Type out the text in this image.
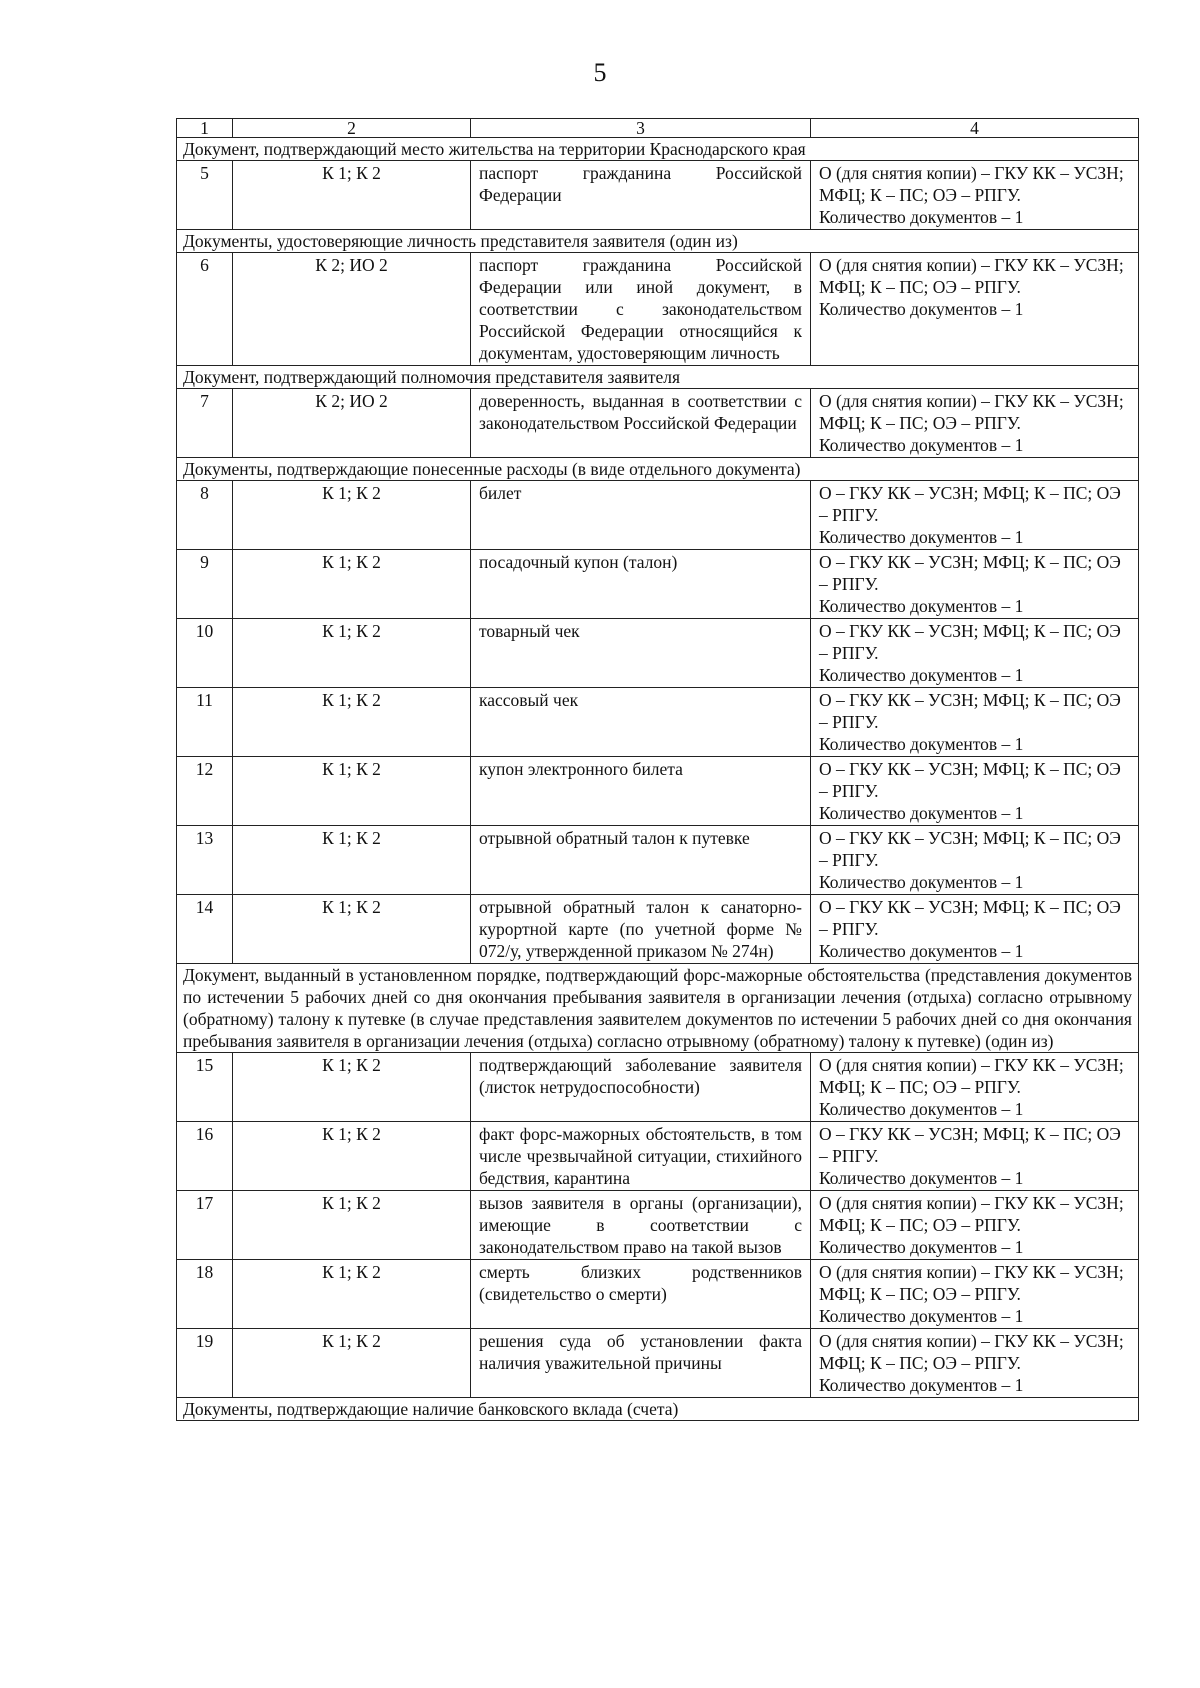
5
1	2	3	4
Документ, подтверждающий место жительства на территории Краснодарского края			
5	К 1; К 2	паспорт гражданина Российской Федерации	О (для снятия копии) – ГКУ КК – УСЗН; МФЦ; К – ПС; ОЭ – РПГУ.
Количество документов – 1
Документы, удостоверяющие личность представителя заявителя (один из)			
6	К 2; ИО 2	паспорт гражданина Российской Федерации или иной документ, в соответствии с законодательством Российской Федерации относящийся к документам, удостоверяющим личность	О (для снятия копии) – ГКУ КК – УСЗН; МФЦ; К – ПС; ОЭ – РПГУ.
Количество документов – 1
Документ, подтверждающий полномочия представителя заявителя			
7	К 2; ИО 2	доверенность, выданная в соответствии с законодательством Российской Федерации	О (для снятия копии) – ГКУ КК – УСЗН; МФЦ; К – ПС; ОЭ – РПГУ.
Количество документов – 1
Документы, подтверждающие понесенные расходы (в виде отдельного документа)			
8	К 1; К 2	билет	О – ГКУ КК – УСЗН; МФЦ; К – ПС; ОЭ – РПГУ.
Количество документов – 1
9	К 1; К 2	посадочный купон (талон)	О – ГКУ КК – УСЗН; МФЦ; К – ПС; ОЭ – РПГУ.
Количество документов – 1
10	К 1; К 2	товарный чек	О – ГКУ КК – УСЗН; МФЦ; К – ПС; ОЭ – РПГУ.
Количество документов – 1
11	К 1; К 2	кассовый чек	О – ГКУ КК – УСЗН; МФЦ; К – ПС; ОЭ – РПГУ.
Количество документов – 1
12	К 1; К 2	купон электронного билета	О – ГКУ КК – УСЗН; МФЦ; К – ПС; ОЭ – РПГУ.
Количество документов – 1
13	К 1; К 2	отрывной обратный талон к путевке	О – ГКУ КК – УСЗН; МФЦ; К – ПС; ОЭ – РПГУ.
Количество документов – 1
14	К 1; К 2	отрывной обратный талон к санаторно-курортной карте (по учетной форме № 072/у, утвержденной приказом № 274н)	О – ГКУ КК – УСЗН; МФЦ; К – ПС; ОЭ – РПГУ.
Количество документов – 1
Документ, выданный в установленном порядке, подтверждающий форс-мажорные обстоятельства (представления документов по истечении 5 рабочих дней со дня окончания пребывания заявителя в организации лечения (отдыха) согласно отрывному (обратному) талону к путевке (в случае представления заявителем документов по истечении 5 рабочих дней со дня окончания пребывания заявителя в организации лечения (отдыха) согласно отрывному (обратному) талону к путевке) (один из)			
15	К 1; К 2	подтверждающий заболевание заявителя (листок нетрудоспособности)	О (для снятия копии) – ГКУ КК – УСЗН; МФЦ; К – ПС; ОЭ – РПГУ.
Количество документов – 1
16	К 1; К 2	факт форс-мажорных обстоятельств, в том числе чрезвычайной ситуации, стихийного бедствия, карантина	О – ГКУ КК – УСЗН; МФЦ; К – ПС; ОЭ – РПГУ.
Количество документов – 1
17	К 1; К 2	вызов заявителя в органы (организации), имеющие в соответствии с законодательством право на такой вызов	О (для снятия копии) – ГКУ КК – УСЗН; МФЦ; К – ПС; ОЭ – РПГУ.
Количество документов – 1
18	К 1; К 2	смерть близких родственников (свидетельство о смерти)	О (для снятия копии) – ГКУ КК – УСЗН; МФЦ; К – ПС; ОЭ – РПГУ.
Количество документов – 1
19	К 1; К 2	решения суда об установлении факта наличия уважительной причины	О (для снятия копии) – ГКУ КК – УСЗН; МФЦ; К – ПС; ОЭ – РПГУ.
Количество документов – 1
Документы, подтверждающие наличие банковского вклада (счета)			
